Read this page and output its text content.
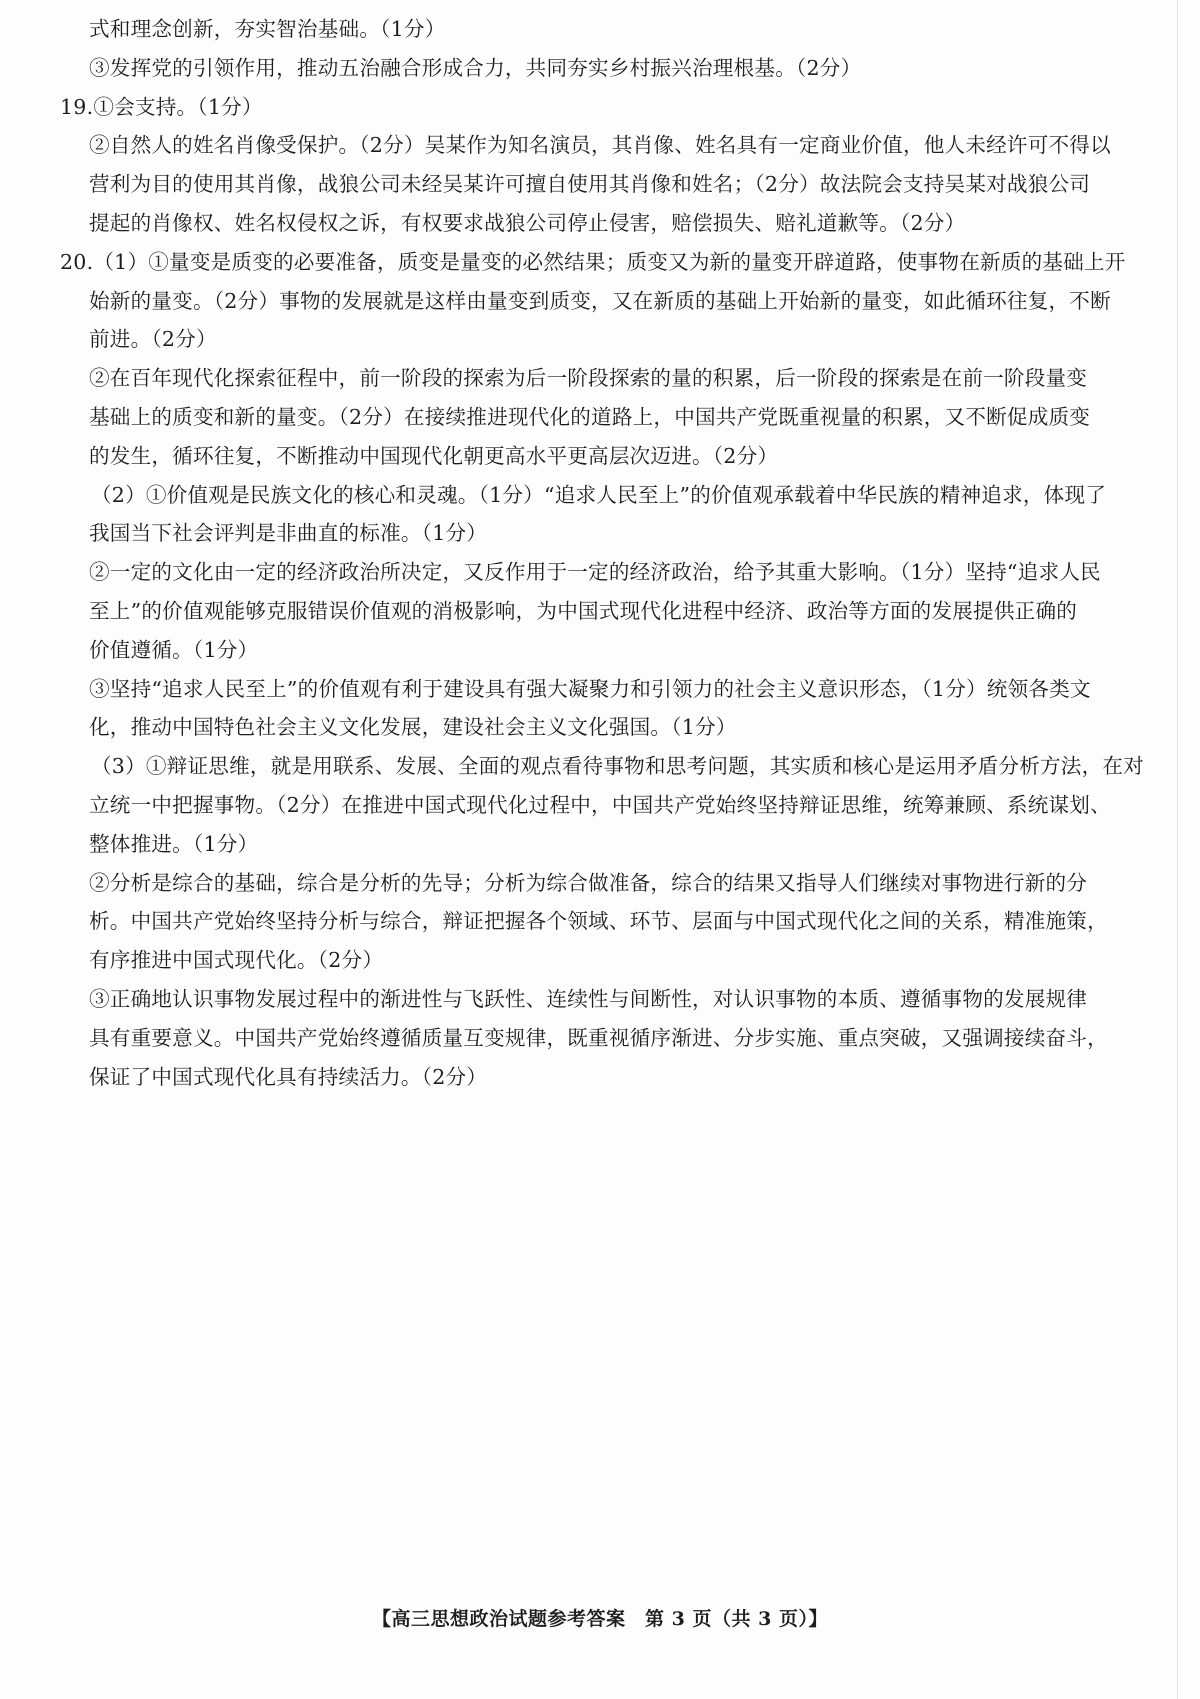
式和理念创新，夯实智治基础。（1分）
③发挥党的引领作用，推动五治融合形成合力，共同夯实乡村振兴治理根基。（2分）
19.①会支持。（1分）
②自然人的姓名肖像受保护。（2分）吴某作为知名演员，其肖像、姓名具有一定商业价值，他人未经许可不得以
营利为目的使用其肖像，战狼公司未经吴某许可擅自使用其肖像和姓名；（2分）故法院会支持吴某对战狼公司
提起的肖像权、姓名权侵权之诉，有权要求战狼公司停止侵害，赔偿损失、赔礼道歉等。（2分）
20.（1）①量变是质变的必要准备，质变是量变的必然结果；质变又为新的量变开辟道路，使事物在新质的基础上开
始新的量变。（2分）事物的发展就是这样由量变到质变，又在新质的基础上开始新的量变，如此循环往复，不断
前进。（2分）
②在百年现代化探索征程中，前一阶段的探索为后一阶段探索的量的积累，后一阶段的探索是在前一阶段量变
基础上的质变和新的量变。（2分）在接续推进现代化的道路上，中国共产党既重视量的积累，又不断促成质变
的发生，循环往复，不断推动中国现代化朝更高水平更高层次迈进。（2分）
（2）①价值观是民族文化的核心和灵魂。（1分）“追求人民至上”的价值观承载着中华民族的精神追求，体现了
我国当下社会评判是非曲直的标准。（1分）
②一定的文化由一定的经济政治所决定，又反作用于一定的经济政治，给予其重大影响。（1分）坚持“追求人民
至上”的价值观能够克服错误价值观的消极影响，为中国式现代化进程中经济、政治等方面的发展提供正确的
价值遵循。（1分）
③坚持“追求人民至上”的价值观有利于建设具有强大凝聚力和引领力的社会主义意识形态，（1分）统领各类文
化，推动中国特色社会主义文化发展，建设社会主义文化强国。（1分）
（3）①辩证思维，就是用联系、发展、全面的观点看待事物和思考问题，其实质和核心是运用矛盾分析方法，在对
立统一中把握事物。（2分）在推进中国式现代化过程中，中国共产党始终坚持辩证思维，统筹兼顾、系统谋划、
整体推进。（1分）
②分析是综合的基础，综合是分析的先导；分析为综合做准备，综合的结果又指导人们继续对事物进行新的分
析。中国共产党始终坚持分析与综合，辩证把握各个领域、环节、层面与中国式现代化之间的关系，精准施策，
有序推进中国式现代化。（2分）
③正确地认识事物发展过程中的渐进性与飞跃性、连续性与间断性，对认识事物的本质、遵循事物的发展规律
具有重要意义。中国共产党始终遵循质量互变规律，既重视循序渐进、分步实施、重点突破，又强调接续奋斗，
保证了中国式现代化具有持续活力。（2分）
【高三思想政治试题参考答案　第 3 页（共 3 页）】
